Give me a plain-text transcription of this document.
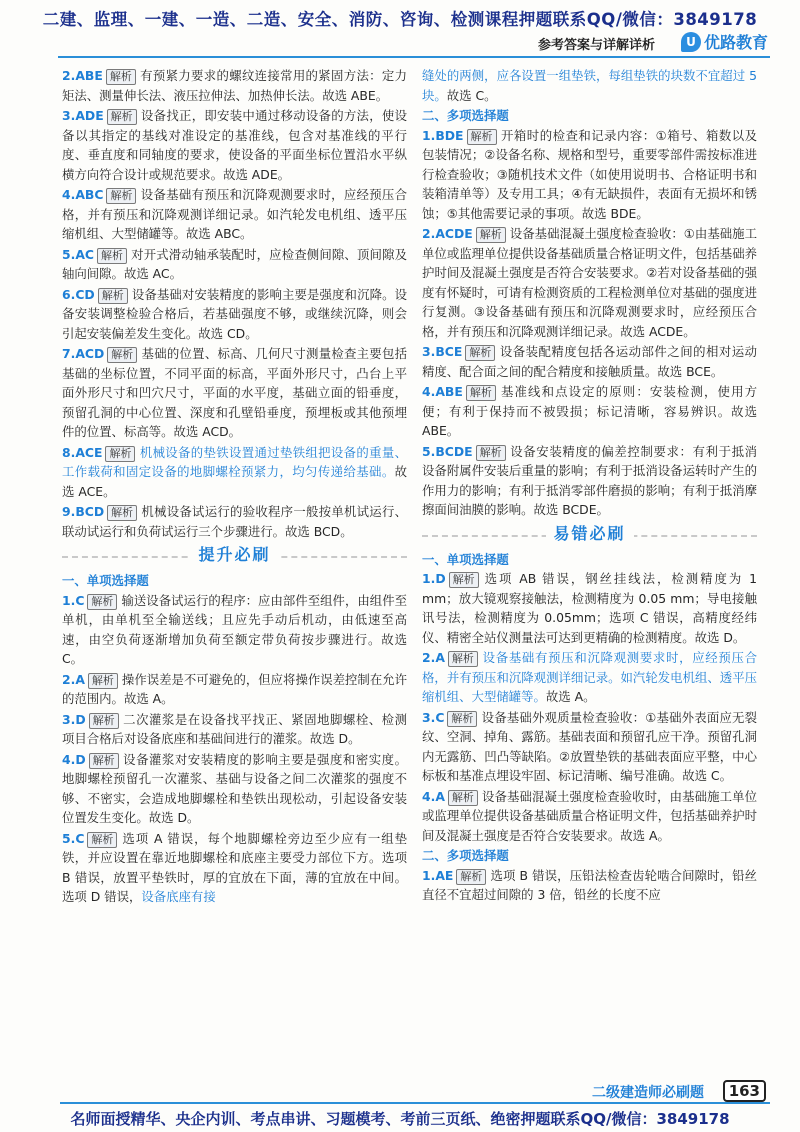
二建、监理、一建、一造、二造、安全、消防、咨询、检测课程押题联系QQ/微信：3849178
参考答案与详解详析	U 优路教育
2.ABE 解析 有预紧力要求的螺纹连接常用的紧固方法：定力矩法、测量伸长法、液压拉伸法、加热伸长法。故选 ABE。
3.ADE 解析 设备找正，即安装中通过移动设备的方法，使设备以其指定的基线对准设定的基准线，包含对基准线的平行度、垂直度和同轴度的要求，使设备的平面坐标位置沿水平纵横方向符合设计或规范要求。故选 ADE。
4.ABC 解析 设备基础有预压和沉降观测要求时，应经预压合格，并有预压和沉降观测详细记录。如汽轮发电机组、透平压缩机组、大型储罐等。故选 ABC。
5.AC 解析 对开式滑动轴承装配时，应检查侧间隙、顶间隙及轴向间隙。故选 AC。
6.CD 解析 设备基础对安装精度的影响主要是强度和沉降。设备安装调整检验合格后，若基础强度不够，或继续沉降，则会引起安装偏差发生变化。故选 CD。
7.ACD 解析 基础的位置、标高、几何尺寸测量检查主要包括基础的坐标位置，不同平面的标高，平面外形尺寸，凸台上平面外形尺寸和凹穴尺寸，平面的水平度，基础立面的铅垂度，预留孔洞的中心位置、深度和孔壁铅垂度，预埋板或其他预埋件的位置、标高等。故选 ACD。
8.ACE 解析 机械设备的垫铁设置通过垫铁组把设备的重量、工作载荷和固定设备的地脚螺栓预紧力，均匀传递给基础。故选 ACE。
9.BCD 解析 机械设备试运行的验收程序一般按单机试运行、联动试运行和负荷试运行三个步骤进行。故选 BCD。
提升必刷
一、单项选择题
1.C 解析 输送设备试运行的程序：应由部件至组件，由组件至单机，由单机至全输送线；且应先手动后机动，由低速至高速，由空负荷逐渐增加负荷至额定带负荷按步骤进行。故选 C。
2.A 解析 操作误差是不可避免的，但应将操作误差控制在允许的范围内。故选 A。
3.D 解析 二次灌浆是在设备找平找正、紧固地脚螺栓、检测项目合格后对设备底座和基础间进行的灌浆。故选 D。
4.D 解析 设备灌浆对安装精度的影响主要是强度和密实度。地脚螺栓预留孔一次灌浆、基础与设备之间二次灌浆的强度不够、不密实，会造成地脚螺栓和垫铁出现松动，引起设备安装位置发生变化。故选 D。
5.C 解析 选项 A 错误，每个地脚螺栓旁边至少应有一组垫铁，并应设置在靠近地脚螺栓和底座主要受力部位下方。选项 B 错误，放置平垫铁时，厚的宜放在下面，薄的宜放在中间。选项 D 错误，设备底座有接
缝处的两侧，应各设置一组垫铁，每组垫铁的块数不宜超过 5 块。故选 C。
二、多项选择题
1.BDE 解析 开箱时的检查和记录内容：①箱号、箱数以及包装情况；②设备名称、规格和型号，重要零部件需按标准进行检查验收；③随机技术文件（如使用说明书、合格证明书和装箱清单等）及专用工具；④有无缺损件，表面有无损坏和锈蚀；⑤其他需要记录的事项。故选 BDE。
2.ACDE 解析 设备基础混凝土强度检查验收：①由基础施工单位或监理单位提供设备基础质量合格证明文件，包括基础养护时间及混凝土强度是否符合安装要求。②若对设备基础的强度有怀疑时，可请有检测资质的工程检测单位对基础的强度进行复测。③设备基础有预压和沉降观测要求时，应经预压合格，并有预压和沉降观测详细记录。故选 ACDE。
3.BCE 解析 设备装配精度包括各运动部件之间的相对运动精度、配合面之间的配合精度和接触质量。故选 BCE。
4.ABE 解析 基准线和点设定的原则：安装检测，使用方便；有利于保持而不被毁损；标记清晰，容易辨识。故选 ABE。
5.BCDE 解析 设备安装精度的偏差控制要求：有利于抵消设备附属件安装后重量的影响；有利于抵消设备运转时产生的作用力的影响；有利于抵消零部件磨损的影响；有利于抵消摩擦面间油膜的影响。故选 BCDE。
易错必刷
一、单项选择题
1.D 解析 选项 AB 错误，钢丝挂线法，检测精度为 1 mm；放大镜观察接触法，检测精度为 0.05 mm；导电接触讯号法，检测精度为 0.05mm；选项 C 错误，高精度经纬仪、精密全站仪测量法可达到更精确的检测精度。故选 D。
2.A 解析 设备基础有预压和沉降观测要求时，应经预压合格，并有预压和沉降观测详细记录。如汽轮发电机组、透平压缩机组、大型储罐等。故选 A。
3.C 解析 设备基础外观质量检查验收：①基础外表面应无裂纹、空洞、掉角、露筋。基础表面和预留孔应干净。预留孔洞内无露筋、凹凸等缺陷。②放置垫铁的基础表面应平整，中心标板和基准点埋设牢固、标记清晰、编号准确。故选 C。
4.A 解析 设备基础混凝土强度检查验收时，由基础施工单位或监理单位提供设备基础质量合格证明文件，包括基础养护时间及混凝土强度是否符合安装要求。故选 A。
二、多项选择题
1.AE 解析 选项 B 错误，压铅法检查齿轮啮合间隙时，铅丝直径不宜超过间隙的 3 倍，铅丝的长度不应
二级建造师必刷题	163
名师面授精华、央企内训、考点串讲、习题模考、考前三页纸、绝密押题联系QQ/微信：3849178
